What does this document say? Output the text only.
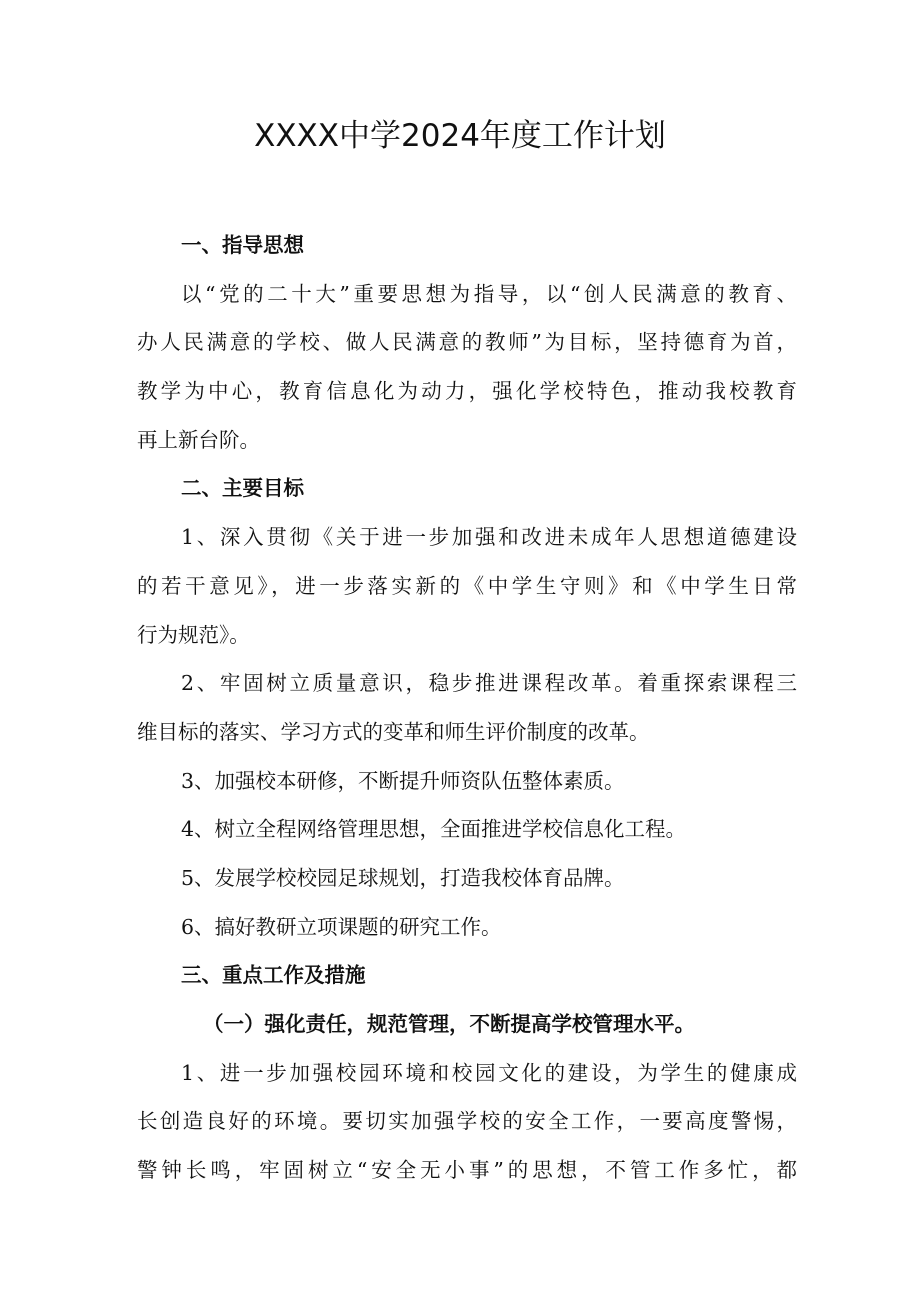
XXXX中学2024年度工作计划
一、指导思想
以“党的二十大”重要思想为指导，以“创人民满意的教育、
办人民满意的学校、做人民满意的教师”为目标，坚持德育为首，
教学为中心，教育信息化为动力，强化学校特色，推动我校教育
再上新台阶。
二、主要目标
1、深入贯彻《关于进一步加强和改进未成年人思想道德建设
的若干意见》，进一步落实新的《中学生守则》和《中学生日常
行为规范》。
2、牢固树立质量意识，稳步推进课程改革。着重探索课程三
维目标的落实、学习方式的变革和师生评价制度的改革。
3、加强校本研修，不断提升师资队伍整体素质。
4、树立全程网络管理思想，全面推进学校信息化工程。
5、发展学校校园足球规划，打造我校体育品牌。
6、搞好教研立项课题的研究工作。
三、重点工作及措施
（一）强化责任，规范管理，不断提高学校管理水平。
1、进一步加强校园环境和校园文化的建设，为学生的健康成
长创造良好的环境。要切实加强学校的安全工作，一要高度警惕，
警钟长鸣，牢固树立“安全无小事”的思想，不管工作多忙，都
